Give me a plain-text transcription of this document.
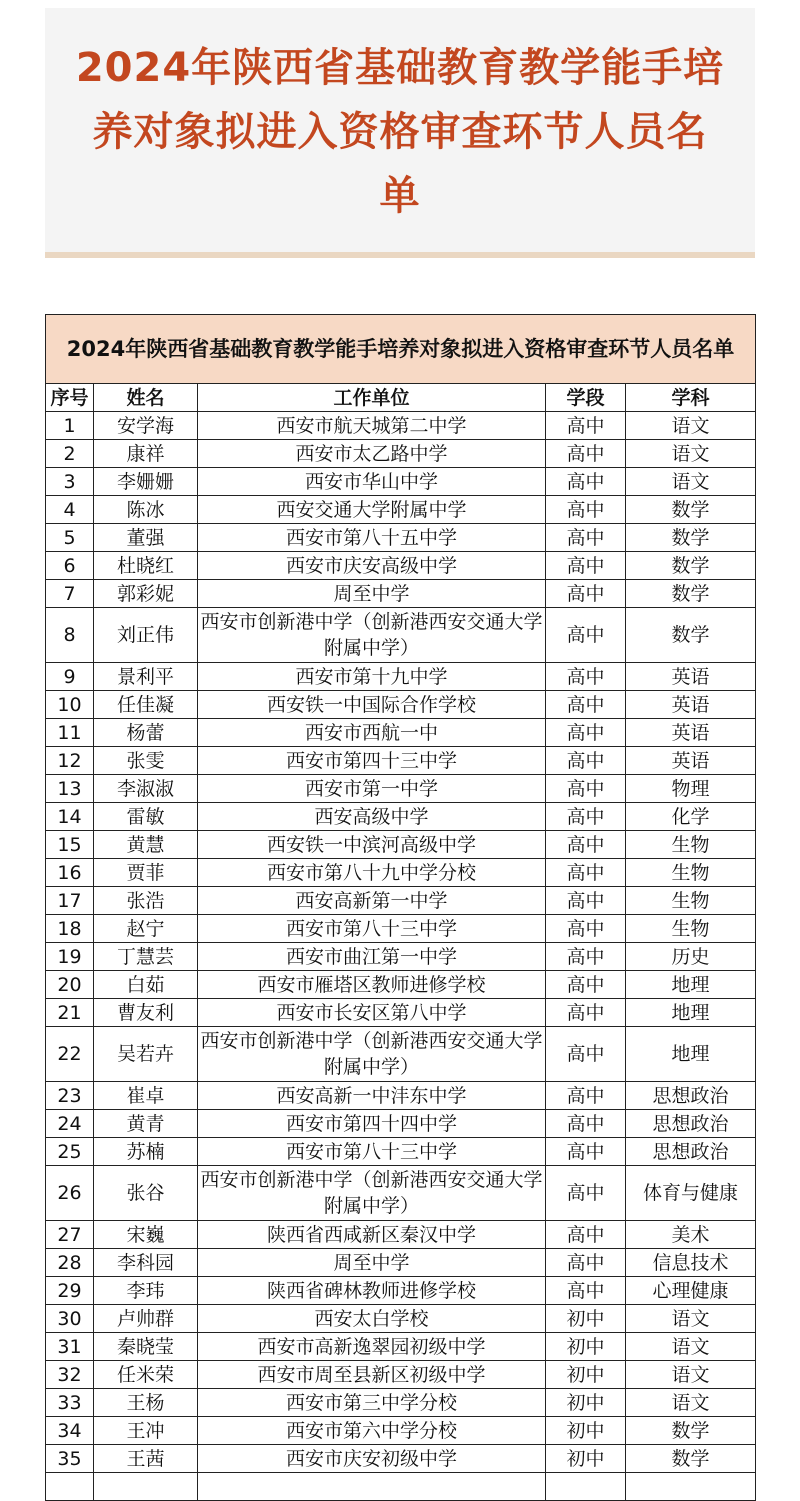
2024年陕西省基础教育教学能手培养对象拟进入资格审查环节人员名单
2024年陕西省基础教育教学能手培养对象拟进入资格审查环节人员名单				
序号	姓名	工作单位	学段	学科
1	安学海	西安市航天城第二中学	高中	语文
2	康祥	西安市太乙路中学	高中	语文
3	李姗姗	西安市华山中学	高中	语文
4	陈冰	西安交通大学附属中学	高中	数学
5	董强	西安市第八十五中学	高中	数学
6	杜晓红	西安市庆安高级中学	高中	数学
7	郭彩妮	周至中学	高中	数学
8	刘正伟	西安市创新港中学（创新港西安交通大学附属中学）	高中	数学
9	景利平	西安市第十九中学	高中	英语
10	任佳凝	西安铁一中国际合作学校	高中	英语
11	杨蕾	西安市西航一中	高中	英语
12	张雯	西安市第四十三中学	高中	英语
13	李淑淑	西安市第一中学	高中	物理
14	雷敏	西安高级中学	高中	化学
15	黄慧	西安铁一中滨河高级中学	高中	生物
16	贾菲	西安市第八十九中学分校	高中	生物
17	张浩	西安高新第一中学	高中	生物
18	赵宁	西安市第八十三中学	高中	生物
19	丁慧芸	西安市曲江第一中学	高中	历史
20	白茹	西安市雁塔区教师进修学校	高中	地理
21	曹友利	西安市长安区第八中学	高中	地理
22	吴若卉	西安市创新港中学（创新港西安交通大学附属中学）	高中	地理
23	崔卓	西安高新一中沣东中学	高中	思想政治
24	黄青	西安市第四十四中学	高中	思想政治
25	苏楠	西安市第八十三中学	高中	思想政治
26	张谷	西安市创新港中学（创新港西安交通大学附属中学）	高中	体育与健康
27	宋巍	陕西省西咸新区秦汉中学	高中	美术
28	李科园	周至中学	高中	信息技术
29	李玮	陕西省碑林教师进修学校	高中	心理健康
30	卢帅群	西安太白学校	初中	语文
31	秦晓莹	西安市高新逸翠园初级中学	初中	语文
32	任米荣	西安市周至县新区初级中学	初中	语文
33	王杨	西安市第三中学分校	初中	语文
34	王冲	西安市第六中学分校	初中	数学
35	王茜	西安市庆安初级中学	初中	数学
